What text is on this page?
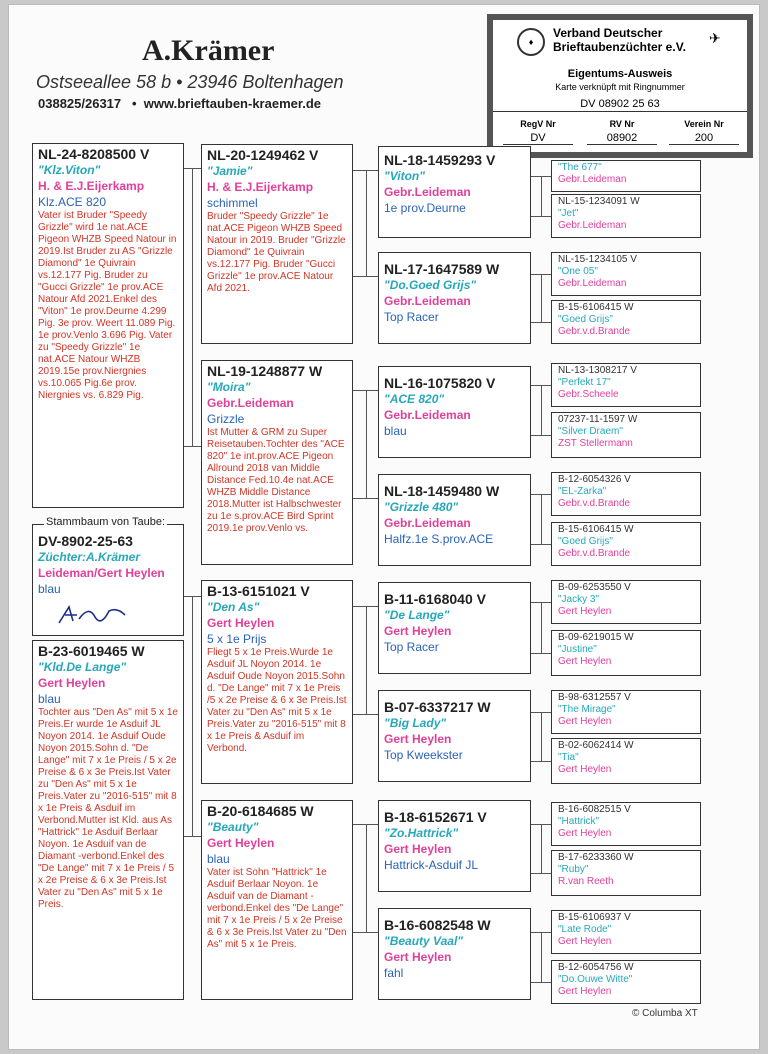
A.Krämer
Ostseeallee 58 b • 23946 Boltenhagen
038825/26317   •  www.brieftauben-kraemer.de
♦	✈
Verband Deutscher
Brieftaubenzüchter e.V.
Eigentums-Ausweis
Karte verknüpft mit Ringnummer
DV 08902 25 63
RegV Nr	RV Nr	Verein Nr
DV	08902	200
NL-24-8208500 V
"Klz.Viton"
H. & E.J.Eijerkamp
Klz.ACE 820
Vater ist Bruder "Speedy Grizzle" wird 1e nat.ACE Pigeon WHZB Speed Natour in 2019.Ist Bruder zu AS "Grizzle Diamond" 1e Quivrain vs.12.177 Pig. Bruder zu "Gucci Grizzle" 1e prov.ACE Natour Afd 2021.Enkel des "Viton" 1e prov.Deurne 4.299 Pig. 3e prov. Weert 11.089 Pig. 1e prov.Venlo 3.696 Pig. Vater zu "Speedy Grizzle" 1e nat.ACE Natour WHZB 2019.15e prov.Niergnies vs.10.065 Pig.6e prov. Niergnies vs. 6.829 Pig.
Stammbaum von Taube:
DV-8902-25-63
Züchter:A.Krämer
Leideman/Gert Heylen
blau
B-23-6019465 W
"Kld.De Lange"
Gert Heylen
blau
Tochter aus "Den As" mit 5 x 1e Preis.Er wurde 1e Asduif JL Noyon 2014. 1e Asduif Oude Noyon 2015.Sohn d. "De Lange" mit 7 x 1e Preis / 5 x 2e Preise & 6 x 3e Preis.Ist Vater zu "Den As" mit 5 x 1e Preis.Vater zu "2016-515" mit 8 x 1e Preis & Asduif im Verbond.Mutter ist Kld. aus As "Hattrick" 1e Asduif Berlaar Noyon. 1e Asduif van de Diamant -verbond.Enkel des "De Lange" mit 7 x 1e Preis / 5 x 2e Preise & 6 x 3e Preis.Ist Vater zu "Den As" mit 5 x 1e Preis.
NL-20-1249462 V
"Jamie"
H. & E.J.Eijerkamp
schimmel
Bruder "Speedy Grizzle" 1e nat.ACE Pigeon WHZB Speed Natour in 2019. Bruder "Grizzle Diamond" 1e Quivrain vs.12.177 Pig. Bruder "Gucci Grizzle" 1e prov.ACE Natour Afd 2021.
NL-19-1248877 W
"Moira"
Gebr.Leideman
Grizzle
Ist Mutter & GRM zu Super Reisetauben.Tochter des "ACE 820" 1e int.prov.ACE Pigeon Allround 2018 van Middle Distance Fed.10.4e nat.ACE WHZB Middle Distance 2018.Mutter ist Halbschwester zu 1e s.prov.ACE Bird Sprint 2019.1e prov.Venlo vs.
B-13-6151021 V
"Den As"
Gert Heylen
5 x 1e Prijs
Fliegt 5 x 1e Preis.Wurde 1e Asduif JL Noyon 2014. 1e Asduif Oude Noyon 2015.Sohn d. "De Lange" mit 7 x 1e Preis /5 x 2e Preise & 6 x 3e Preis.Ist Vater zu "Den As" mit 5 x 1e Preis.Vater zu "2016-515" mit 8 x 1e Preis & Asduif im Verbond.
B-20-6184685 W
"Beauty"
Gert Heylen
blau
Vater ist Sohn "Hattrick" 1e Asduif Berlaar Noyon. 1e Asduif van de Diamant -verbond.Enkel des "De Lange" mit 7 x 1e Preis / 5 x 2e Preise & 6 x 3e Preis.Ist Vater zu "Den As" mit 5 x 1e Preis.
NL-18-1459293 V
"Viton"
Gebr.Leideman
1e prov.Deurne
NL-17-1647589 W
"Do.Goed Grijs"
Gebr.Leideman
Top Racer
NL-16-1075820 V
"ACE 820"
Gebr.Leideman
blau
NL-18-1459480 W
"Grizzle 480"
Gebr.Leideman
Halfz.1e S.prov.ACE
B-11-6168040 V
"De Lange"
Gert Heylen
Top Racer
B-07-6337217 W
"Big Lady"
Gert Heylen
Top Kweekster
B-18-6152671 V
"Zo.Hattrick"
Gert Heylen
Hattrick-Asduif JL
B-16-6082548 W
"Beauty Vaal"
Gert Heylen
fahl
"The 677"
Gebr.Leideman
NL-15-1234091 W
"Jet"
Gebr.Leideman
NL-15-1234105 V
"One 05"
Gebr.Leideman
B-15-6106415 W
"Goed Grijs"
Gebr.v.d.Brande
NL-13-1308217 V
"Perfekt 17"
Gebr.Scheele
07237-11-1597 W
"Silver Draem"
ZST Stellermann
B-12-6054326 V
"EL-Zarka"
Gebr.v.d.Brande
B-15-6106415 W
"Goed Grijs"
Gebr.v.d.Brande
B-09-6253550 V
"Jacky 3"
Gert Heylen
B-09-6219015 W
"Justine"
Gert Heylen
B-98-6312557 V
"The Mirage"
Gert Heylen
B-02-6062414 W
"Tia"
Gert Heylen
B-16-6082515 V
"Hattrick"
Gert Heylen
B-17-6233360 W
"Ruby"
R.van Reeth
B-15-6106937 V
"Late Rode"
Gert Heylen
B-12-6054756 W
"Do.Ouwe Witte"
Gert Heylen
© Columba XT
